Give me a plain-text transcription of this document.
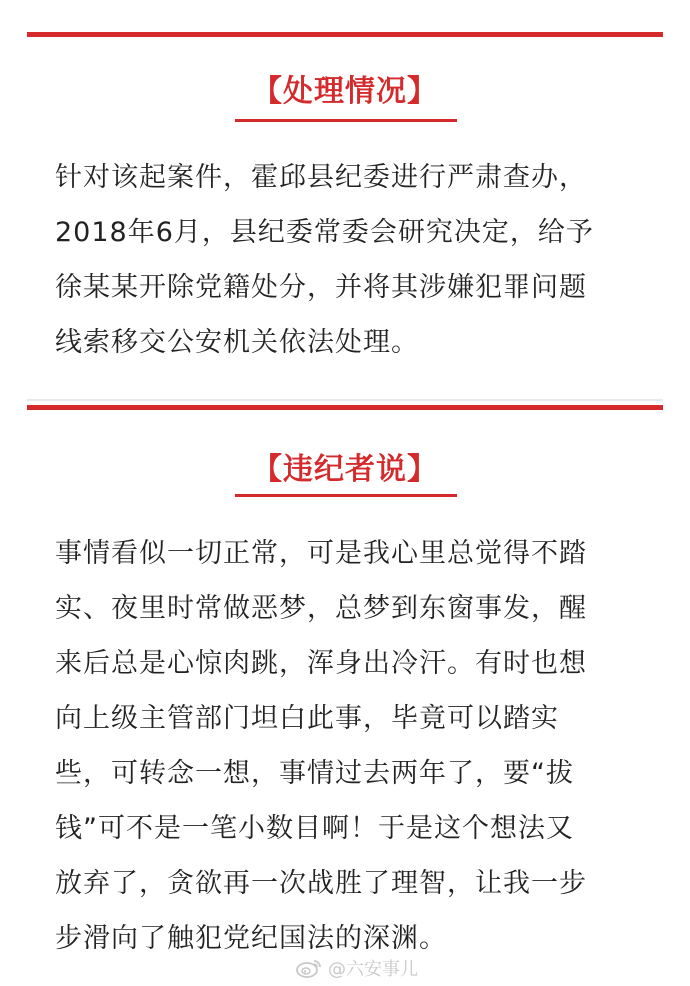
【处理情况】

针对该起案件，霍邱县纪委进行严肃查办，
2018年6月，县纪委常委会研究决定，给予
徐某某开除党籍处分，并将其涉嫌犯罪问题
线索移交公安机关依法处理。

【违纪者说】

事情看似一切正常，可是我心里总觉得不踏
实、夜里时常做恶梦，总梦到东窗事发，醒
来后总是心惊肉跳，浑身出冷汗。有时也想
向上级主管部门坦白此事，毕竟可以踏实
些，可转念一想，事情过去两年了，要“拔
钱”可不是一笔小数目啊！于是这个想法又
放弃了，贪欲再一次战胜了理智，让我一步
步滑向了触犯党纪国法的深渊。

@六安事儿
